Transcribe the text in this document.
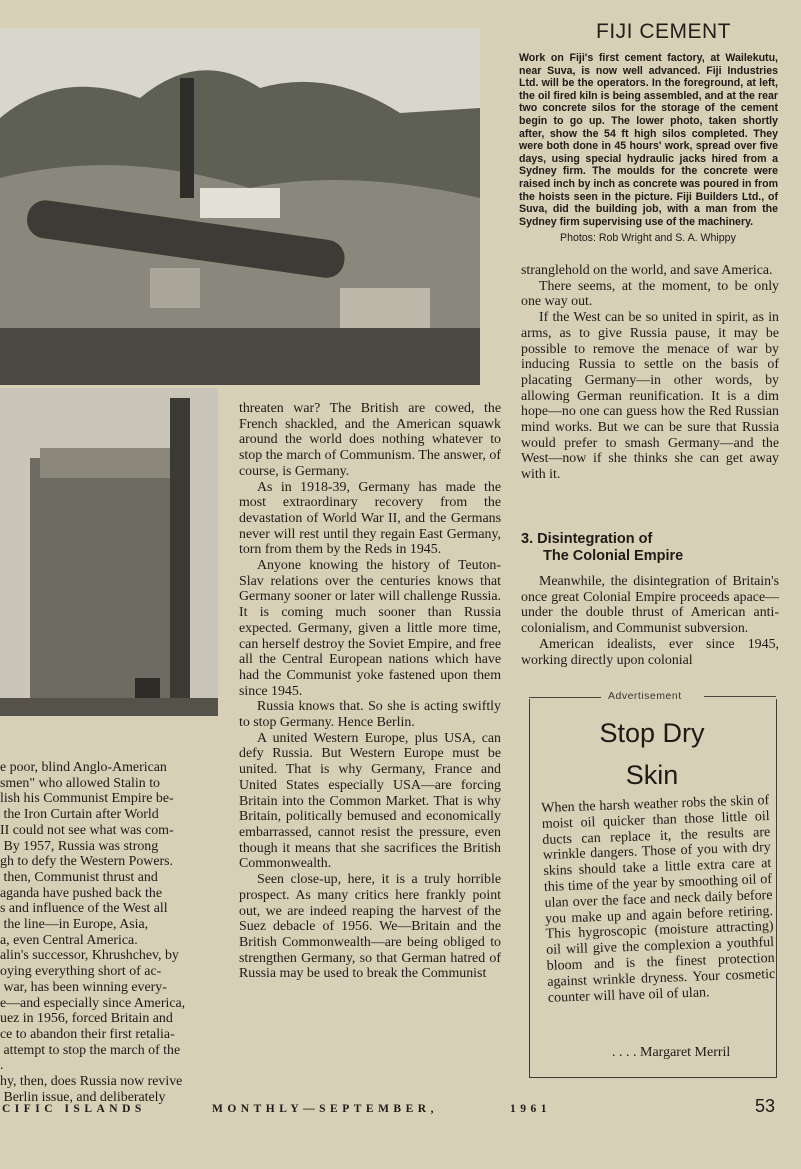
FIJI CEMENT

Work on Fiji's first cement factory, at Wailekutu, near Suva, is now well advanced. Fiji Industries Ltd. will be the operators. In the foreground, at left, the oil fired kiln is being assembled, and at the rear two concrete silos for the storage of the cement begin to go up. The lower photo, taken shortly after, show the 54 ft high silos completed. They were both done in 45 hours' work, spread over five days, using special hydraulic jacks hired from a Sydney firm. The moulds for the concrete were raised inch by inch as concrete was poured in from the hoists seen in the picture. Fiji Builders Ltd., of Suva, did the building job, with a man from the Sydney firm supervising use of the machinery.

Photos: Rob Wright and S. A. Whippy
e poor, blind Anglo-American
smen" who allowed Stalin to
lish his Communist Empire be-
the Iron Curtain after World
II could not see what was com-
By 1957, Russia was strong
gh to defy the Western Powers.
then, Communist thrust and
aganda have pushed back the
s and influence of the West all
the line—in Europe, Asia,
a, even Central America.
alin's successor, Khrushchev, by
oying everything short of ac-
war, has been winning every-
e—and especially since America,
uez in 1956, forced Britain and
ce to abandon their first retalia-
attempt to stop the march of the
.
hy, then, does Russia now revive
Berlin issue, and deliberately

threaten war? The British are cowed, the French shackled, and the American squawk around the world does nothing whatever to stop the march of Communism. The answer, of course, is Germany.

As in 1918-39, Germany has made the most extraordinary recovery from the devastation of World War II, and the Germans never will rest until they regain East Germany, torn from them by the Reds in 1945.

Anyone knowing the history of Teuton-Slav relations over the centuries knows that Germany sooner or later will challenge Russia. It is coming much sooner than Russia expected. Germany, given a little more time, can herself destroy the Soviet Empire, and free all the Central European nations which have had the Communist yoke fastened upon them since 1945.

Russia knows that. So she is acting swiftly to stop Germany. Hence Berlin.

A united Western Europe, plus USA, can defy Russia. But Western Europe must be united. That is why Germany, France and United States especially USA—are forcing Britain into the Common Market. That is why Britain, politically bemused and economically embarrassed, cannot resist the pressure, even though it means that she sacrifices the British Commonwealth.

Seen close-up, here, it is a truly horrible prospect. As many critics here frankly point out, we are indeed reaping the harvest of the Suez debacle of 1956. We—Britain and the British Commonwealth—are being obliged to strengthen Germany, so that German hatred of Russia may be used to break the Communist

stranglehold on the world, and save America.

There seems, at the moment, to be only one way out.

If the West can be so united in spirit, as in arms, as to give Russia pause, it may be possible to remove the menace of war by inducing Russia to settle on the basis of placating Germany—in other words, by allowing German reunification. It is a dim hope—no one can guess how the Red Russian mind works. But we can be sure that Russia would prefer to smash Germany—and the West—now if she thinks she can get away with it.

3. Disintegration of
The Colonial Empire

Meanwhile, the disintegration of Britain's once great Colonial Empire proceeds apace—under the double thrust of American anti-colonialism, and Communist subversion.

American idealists, ever since 1945, working directly upon colonial

Advertisement
Stop Dry
Skin
When the harsh weather robs the skin of moist oil quicker than those little oil ducts can replace it, the results are wrinkle dangers. Those of you with dry skins should take a little extra care at this time of the year by smoothing oil of ulan over the face and neck daily before you make up and again before retiring. This hygroscopic (moisture attracting) oil will give the complexion a youthful bloom and is the finest protection against wrinkle dryness. Your cosmetic counter will have oil of ulan.
. . . . Margaret Merril
CIFIC ISLANDS	MONTHLY—SEPTEMBER,	1961	53
